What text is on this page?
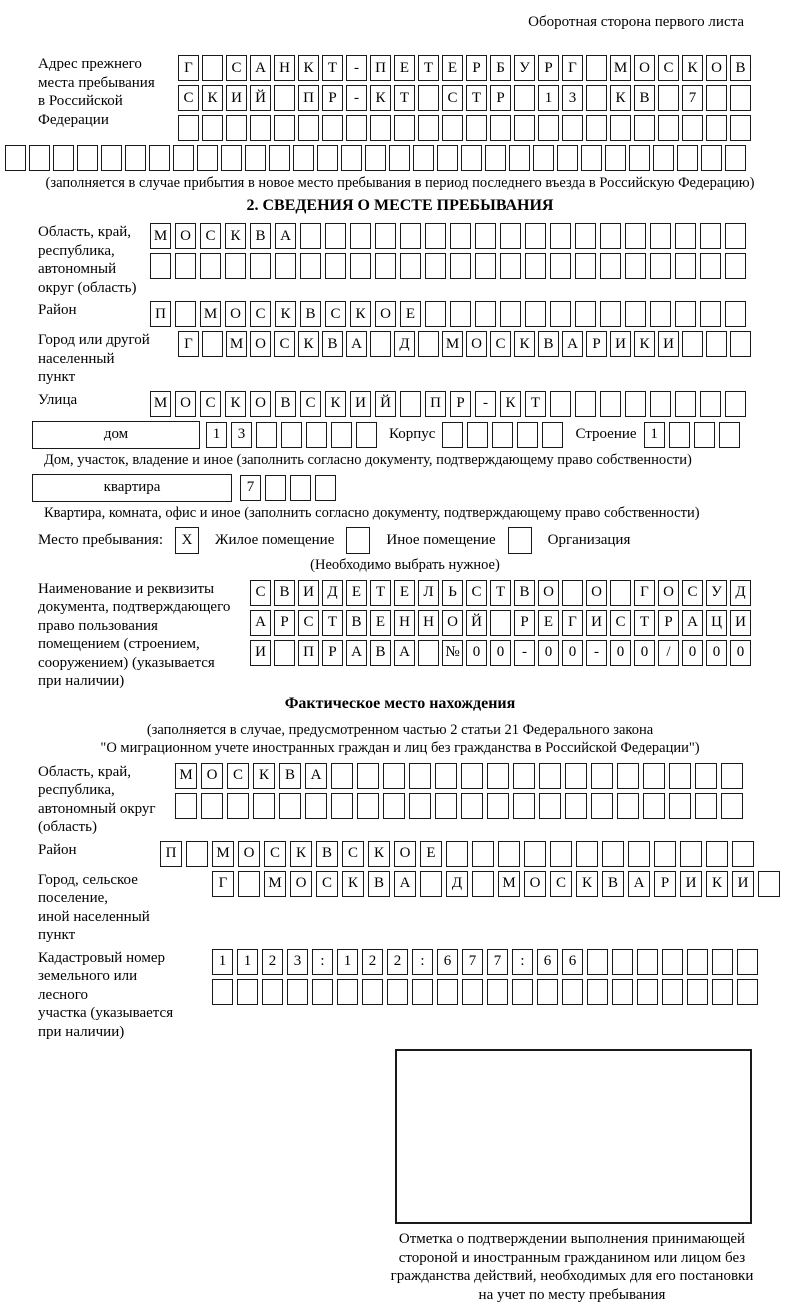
Оборотная сторона первого листа
Адрес прежнего
места пребывания
в Российской
Федерации
Г	С А Н К Т	-	П Е Т Е	Р	Б У Р	Г	М О С К О В
С К И Й	П Р	-	К Т	С Т	Р	1	3	К В	7
(заполняется в случае прибытия в новое место пребывания в период последнего въезда в Российскую Федерацию)
2. СВЕДЕНИЯ О МЕСТЕ ПРЕБЫВАНИЯ
Область, край,
республика,
автономный
округ (область)
М О С К В А
Район	П	М О С К В С К О Е
Город или другой
населенный пункт
Г	М О С К В А	Д	М О С К В А Р И К И
Улица	М О С К О В С К И Й	П	Р	-	К	Т
дом	1	3	Корпус	Строение 1
Дом, участок, владение и иное (заполнить согласно документу, подтверждающему право собственности)
квартира	7
Квартира, комната, офис и иное (заполнить согласно документу, подтверждающему право собственности)
Место пребывания:	X	Жилое помещение	Иное помещение	Организация
(Необходимо выбрать нужное)
Наименование и реквизиты
документа, подтверждающего
право пользования
помещением (строением,
сооружением) (указывается
при наличии)
С В И Д Е Т Е Л Ь С Т В О	О	Г О С У Д
А Р С Т В Е Н Н О Й	Р	Е	Г И С Т	Р А Ц И
И	П Р А В А	№ 0	0	-	0	0	-	0	0	/	0	0	0
Фактическое место нахождения
(заполняется в случае, предусмотренном частью 2 статьи 21 Федерального закона
"О миграционном учете иностранных граждан и лиц без гражданства в Российской Федерации")
Область, край,
республика,
автономный округ
(область)
М О	С	К	В	А
Район	П	М О	С	К	В	С	К	О	Е
Город, сельское поселение,
иной населенный пункт
Г	М О	С	К	В	А	Д	М О	С	К	В	А	Р	И	К	И
Кадастровый номер
земельного или лесного
участка (указывается
при наличии)
1	1	2	3	:	1	2	2	:	6	7	7	:	6	6
Отметка о подтверждении выполнения принимающей
стороной и иностранным гражданином или лицом без
гражданства действий, необходимых для его постановки
на учет по месту пребывания
